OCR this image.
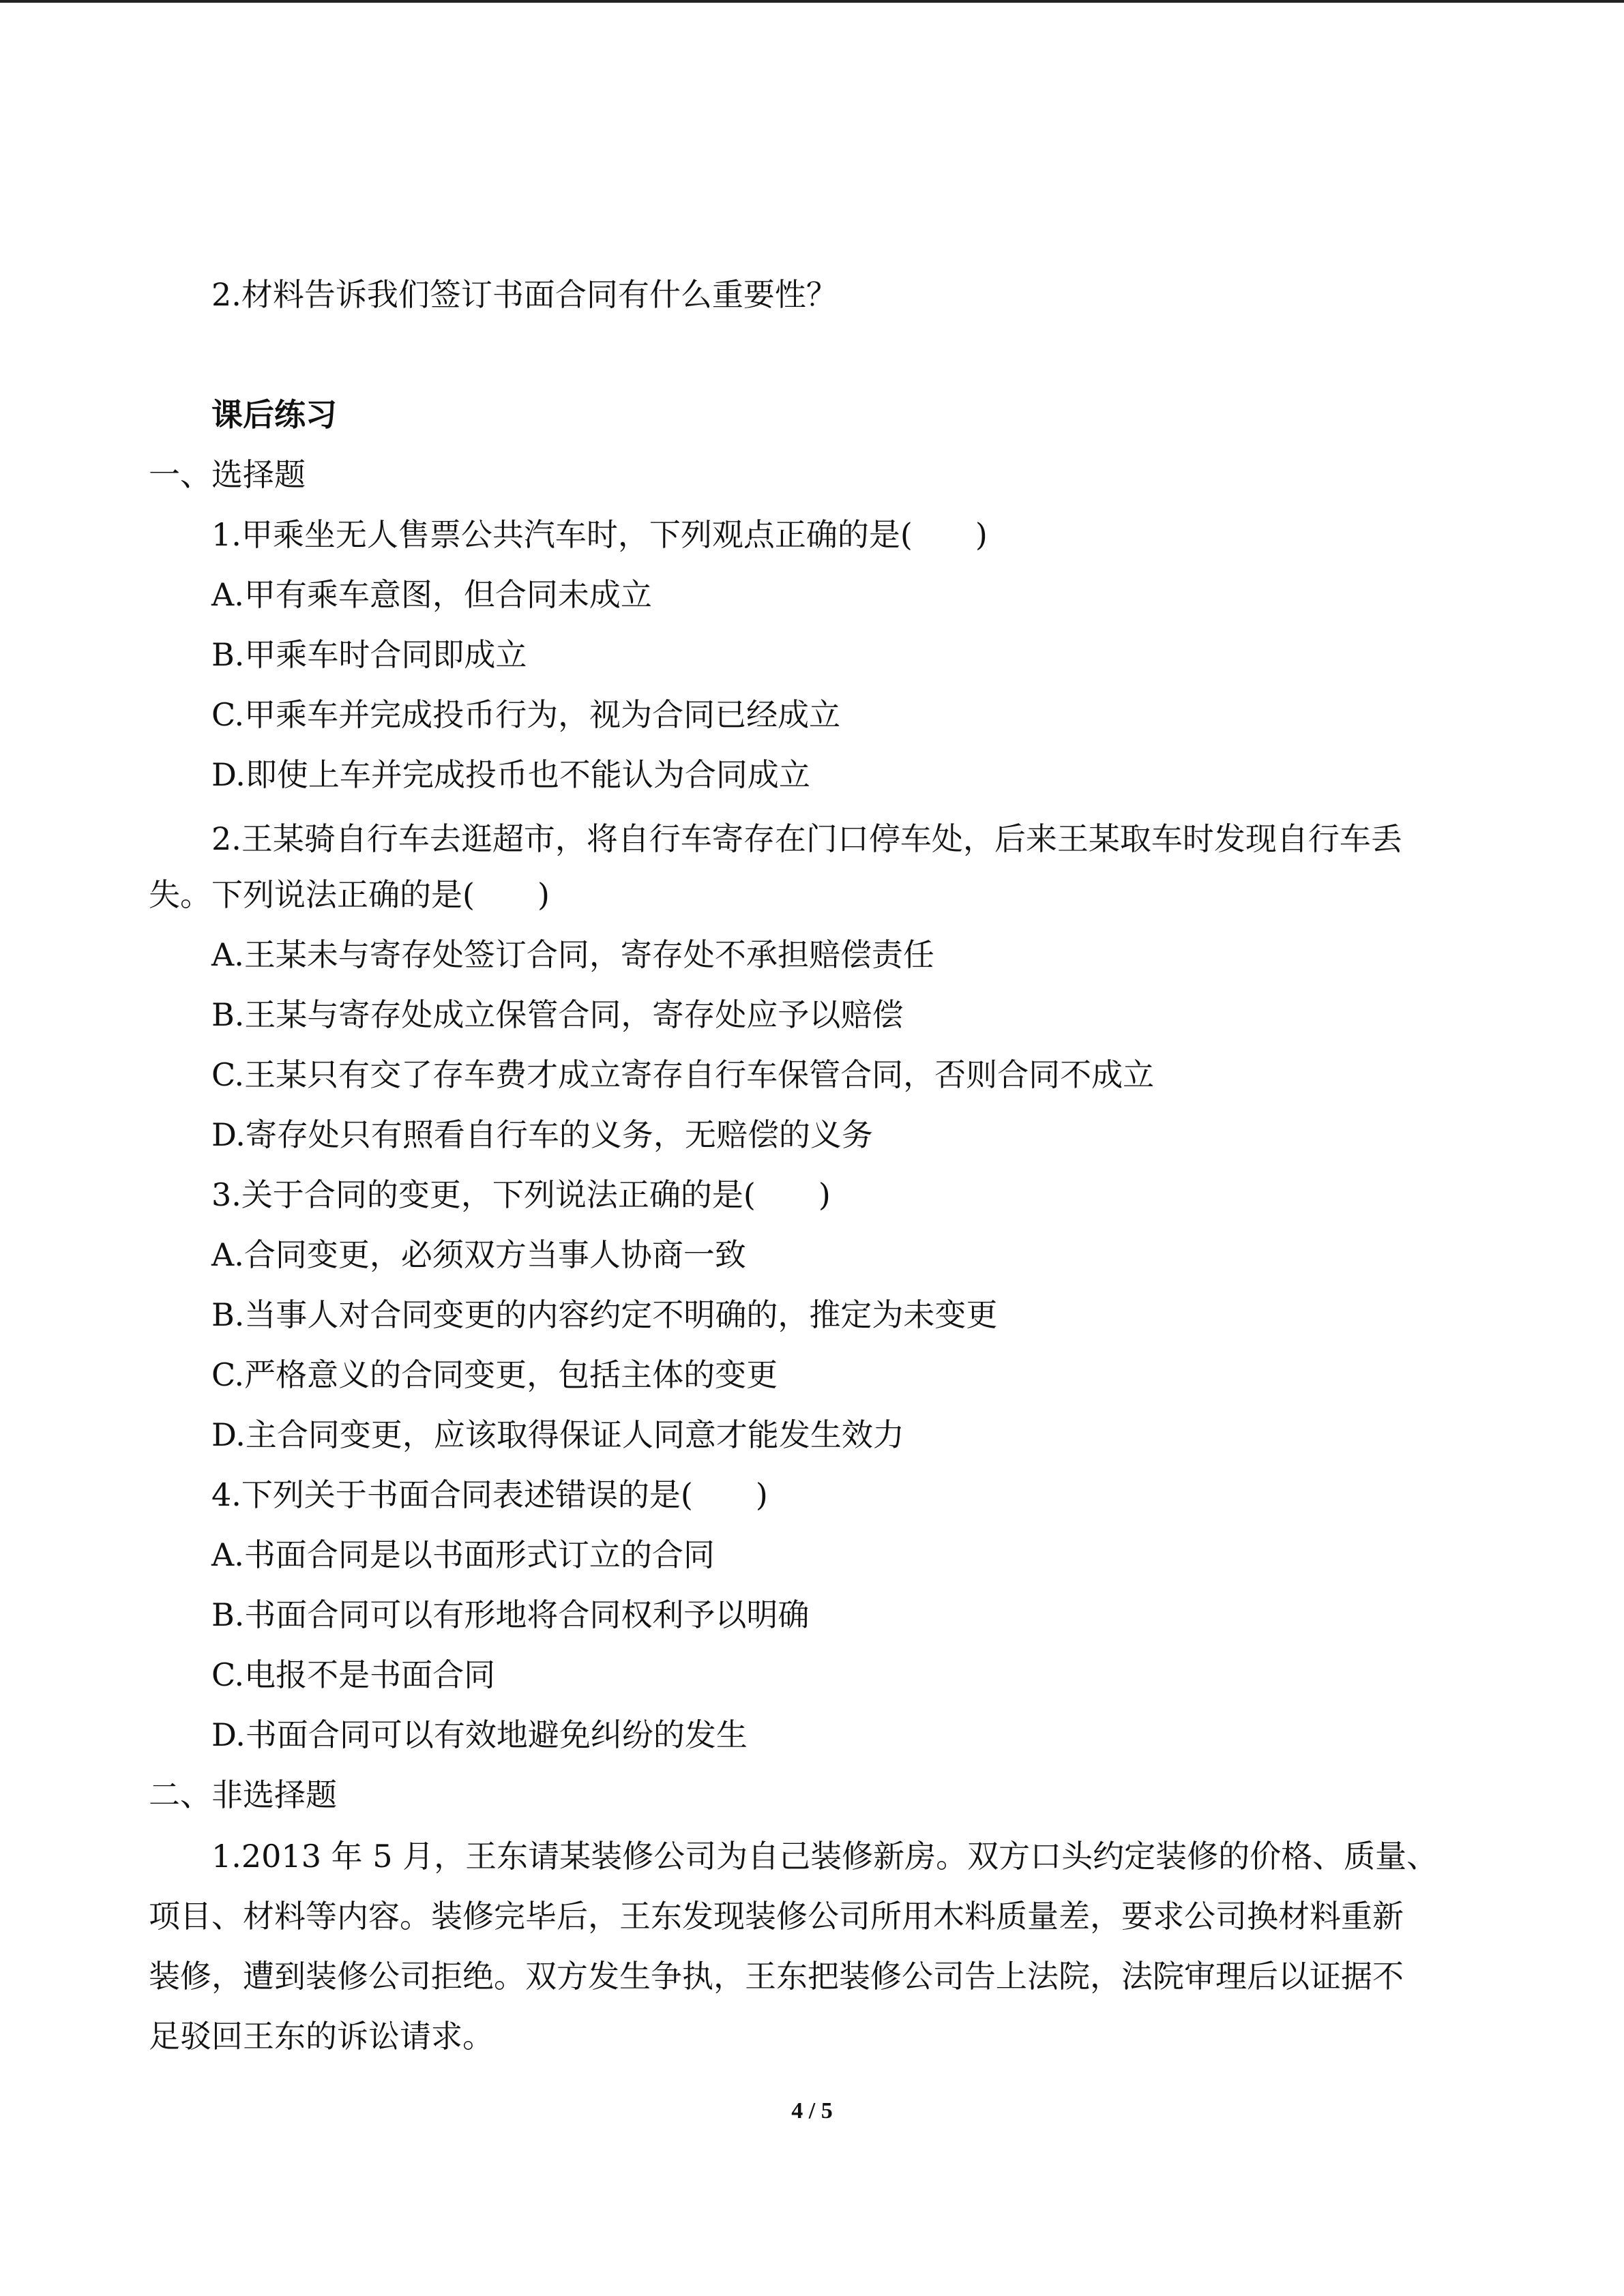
2.材料告诉我们签订书面合同有什么重要性？
课后练习
一、选择题
1.甲乘坐无人售票公共汽车时，下列观点正确的是(　　)
A.甲有乘车意图，但合同未成立
B.甲乘车时合同即成立
C.甲乘车并完成投币行为，视为合同已经成立
D.即使上车并完成投币也不能认为合同成立
2.王某骑自行车去逛超市，将自行车寄存在门口停车处，后来王某取车时发现自行车丢
失。下列说法正确的是(　　)
A.王某未与寄存处签订合同，寄存处不承担赔偿责任
B.王某与寄存处成立保管合同，寄存处应予以赔偿
C.王某只有交了存车费才成立寄存自行车保管合同，否则合同不成立
D.寄存处只有照看自行车的义务，无赔偿的义务
3.关于合同的变更，下列说法正确的是(　　)
A.合同变更，必须双方当事人协商一致
B.当事人对合同变更的内容约定不明确的，推定为未变更
C.严格意义的合同变更，包括主体的变更
D.主合同变更，应该取得保证人同意才能发生效力
4.下列关于书面合同表述错误的是(　　)
A.书面合同是以书面形式订立的合同
B.书面合同可以有形地将合同权利予以明确
C.电报不是书面合同
D.书面合同可以有效地避免纠纷的发生
二、非选择题
1.2013 年 5 月，王东请某装修公司为自己装修新房。双方口头约定装修的价格、质量、
项目、材料等内容。装修完毕后，王东发现装修公司所用木料质量差，要求公司换材料重新
装修，遭到装修公司拒绝。双方发生争执，王东把装修公司告上法院，法院审理后以证据不
足驳回王东的诉讼请求。
4 / 5
